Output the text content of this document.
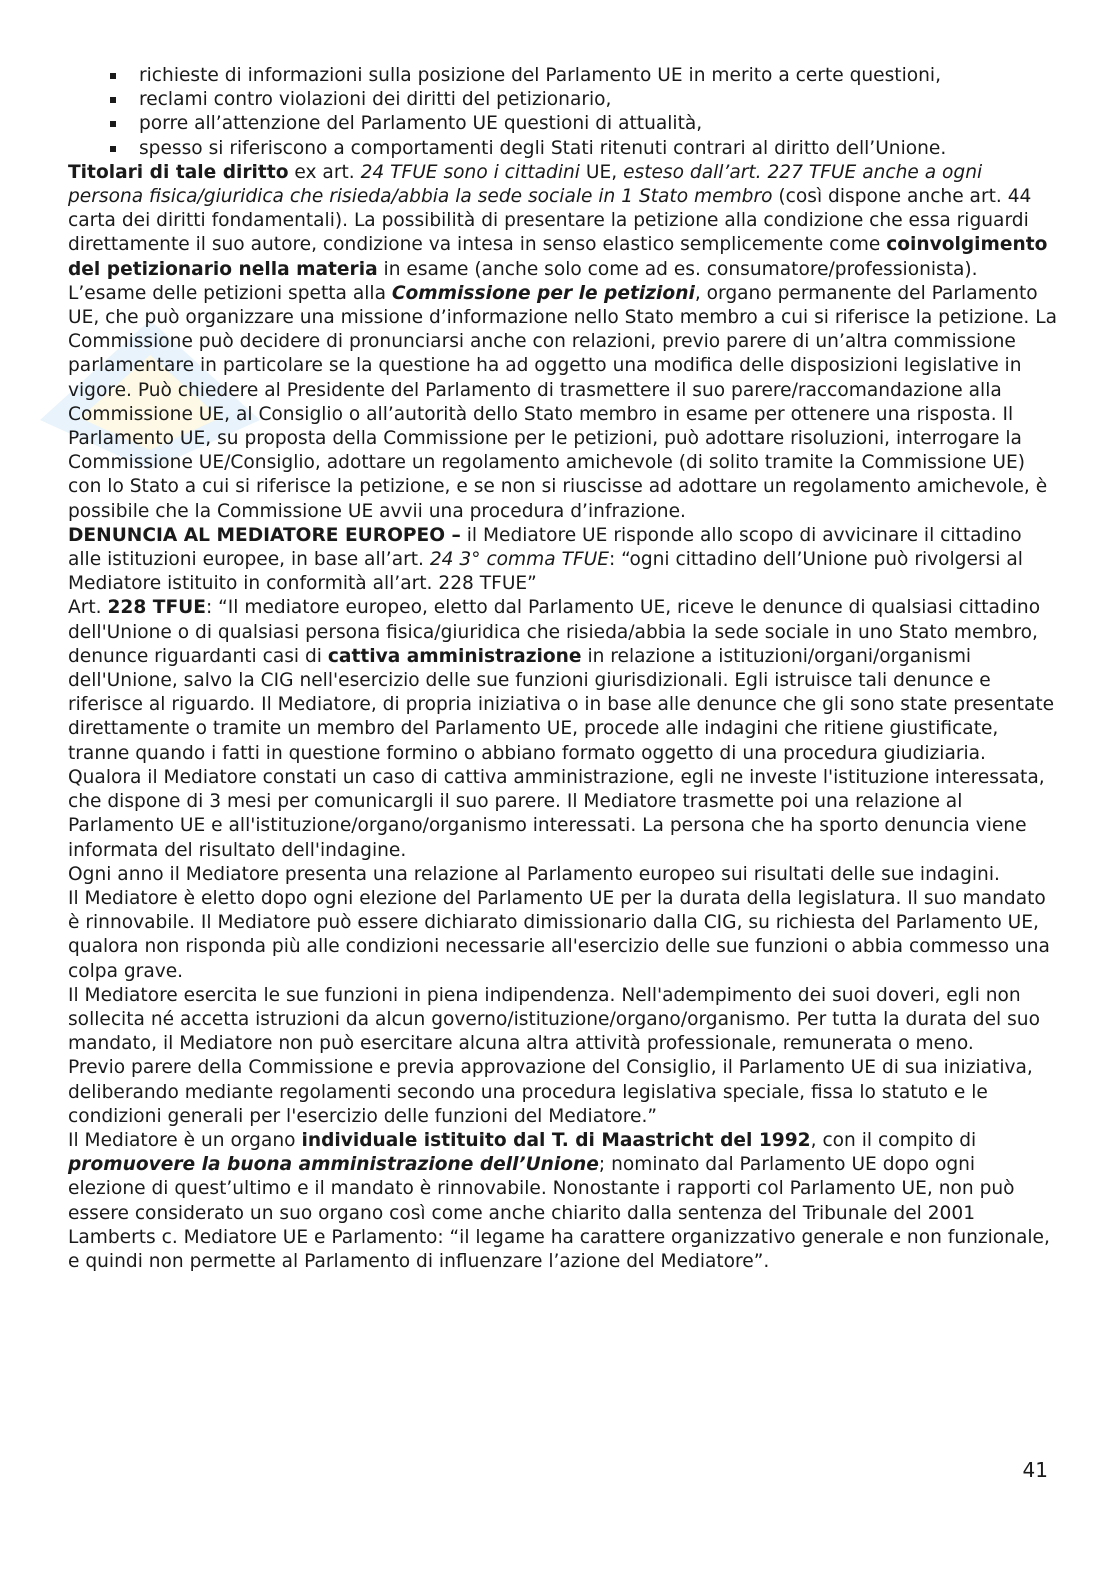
richieste di informazioni sulla posizione del Parlamento UE in merito a certe questioni,
reclami contro violazioni dei diritti del petizionario,
porre all’attenzione del Parlamento UE questioni di attualità,
spesso si riferiscono a comportamenti degli Stati ritenuti contrari al diritto dell’Unione.

Titolari di tale diritto ex art. 24 TFUE sono i cittadini UE, esteso dall’art. 227 TFUE anche a ogni persona fisica/giuridica che risieda/abbia la sede sociale in 1 Stato membro (così dispone anche art. 44 carta dei diritti fondamentali). La possibilità di presentare la petizione alla condizione che essa riguardi direttamente il suo autore, condizione va intesa in senso elastico semplicemente come coinvolgimento del petizionario nella materia in esame (anche solo come ad es. consumatore/professionista).

L’esame delle petizioni spetta alla Commissione per le petizioni, organo permanente del Parlamento UE, che può organizzare una missione d’informazione nello Stato membro a cui si riferisce la petizione. La Commissione può decidere di pronunciarsi anche con relazioni, previo parere di un’altra commissione parlamentare in particolare se la questione ha ad oggetto una modifica delle disposizioni legislative in vigore. Può chiedere al Presidente del Parlamento di trasmettere il suo parere/raccomandazione alla Commissione UE, al Consiglio o all’autorità dello Stato membro in esame per ottenere una risposta. Il Parlamento UE, su proposta della Commissione per le petizioni, può adottare risoluzioni, interrogare la Commissione UE/Consiglio, adottare un regolamento amichevole (di solito tramite la Commissione UE) con lo Stato a cui si riferisce la petizione, e se non si riuscisse ad adottare un regolamento amichevole, è possibile che la Commissione UE avvii una procedura d’infrazione.

DENUNCIA AL MEDIATORE EUROPEO – il Mediatore UE risponde allo scopo di avvicinare il cittadino alle istituzioni europee, in base all’art. 24 3° comma TFUE: “ogni cittadino dell’Unione può rivolgersi al Mediatore istituito in conformità all’art. 228 TFUE”

Art. 228 TFUE: “Il mediatore europeo, eletto dal Parlamento UE, riceve le denunce di qualsiasi cittadino dell'Unione o di qualsiasi persona fisica/giuridica che risieda/abbia la sede sociale in uno Stato membro, denunce riguardanti casi di cattiva amministrazione in relazione a istituzioni/organi/organismi dell'Unione, salvo la CIG nell'esercizio delle sue funzioni giurisdizionali. Egli istruisce tali denunce e riferisce al riguardo. Il Mediatore, di propria iniziativa o in base alle denunce che gli sono state presentate direttamente o tramite un membro del Parlamento UE, procede alle indagini che ritiene giustificate, tranne quando i fatti in questione formino o abbiano formato oggetto di una procedura giudiziaria. Qualora il Mediatore constati un caso di cattiva amministrazione, egli ne investe l'istituzione interessata, che dispone di 3 mesi per comunicargli il suo parere. Il Mediatore trasmette poi una relazione al Parlamento UE e all'istituzione/organo/organismo interessati. La persona che ha sporto denuncia viene informata del risultato dell'indagine.

Ogni anno il Mediatore presenta una relazione al Parlamento europeo sui risultati delle sue indagini.

Il Mediatore è eletto dopo ogni elezione del Parlamento UE per la durata della legislatura. Il suo mandato è rinnovabile. Il Mediatore può essere dichiarato dimissionario dalla CIG, su richiesta del Parlamento UE, qualora non risponda più alle condizioni necessarie all'esercizio delle sue funzioni o abbia commesso una colpa grave.

Il Mediatore esercita le sue funzioni in piena indipendenza. Nell'adempimento dei suoi doveri, egli non sollecita né accetta istruzioni da alcun governo/istituzione/organo/organismo. Per tutta la durata del suo mandato, il Mediatore non può esercitare alcuna altra attività professionale, remunerata o meno.

Previo parere della Commissione e previa approvazione del Consiglio, il Parlamento UE di sua iniziativa, deliberando mediante regolamenti secondo una procedura legislativa speciale, fissa lo statuto e le condizioni generali per l'esercizio delle funzioni del Mediatore.”

Il Mediatore è un organo individuale istituito dal T. di Maastricht del 1992, con il compito di promuovere la buona amministrazione dell’Unione; nominato dal Parlamento UE dopo ogni elezione di quest’ultimo e il mandato è rinnovabile. Nonostante i rapporti col Parlamento UE, non può essere considerato un suo organo così come anche chiarito dalla sentenza del Tribunale del 2001 Lamberts c. Mediatore UE e Parlamento: “il legame ha carattere organizzativo generale e non funzionale, e quindi non permette al Parlamento di influenzare l’azione del Mediatore”.

41
